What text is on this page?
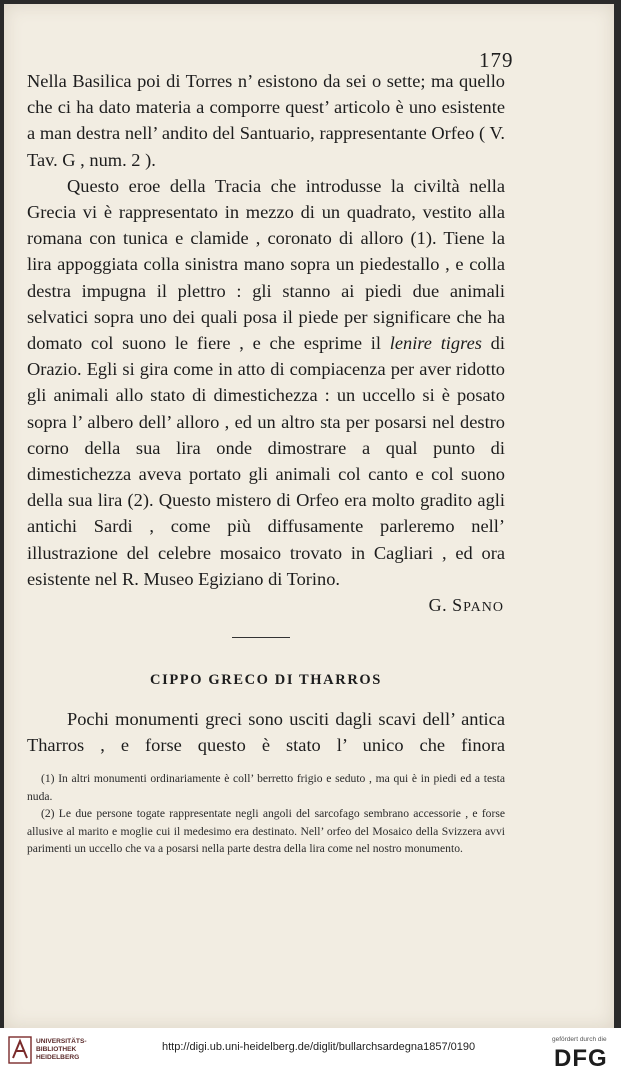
179

Nella Basilica poi di Torres n’ esistono da sei o sette; ma quello che ci ha dato materia a comporre quest’ articolo è uno esistente a man destra nell’ andito del Santuario, rappresentante Orfeo ( V. Tav. G , num. 2 ).

Questo eroe della Tracia che introdusse la civiltà nella Grecia vi è rappresentato in mezzo di un quadrato, vestito alla romana con tunica e clamide , coronato di alloro (1). Tiene la lira appoggiata colla sinistra mano sopra un piedestallo , e colla destra impugna il plettro : gli stanno ai piedi due animali selvatici sopra uno dei quali posa il piede per significare che ha domato col suono le fiere , e che esprime il lenire tigres di Orazio. Egli si gira come in atto di compiacenza per aver ridotto gli animali allo stato di dimestichezza : un uccello si è posato sopra l’ albero dell’ alloro , ed un altro sta per posarsi nel destro corno della sua lira onde dimostrare a qual punto di dimestichezza aveva portato gli animali col canto e col suono della sua lira (2). Questo mistero di Orfeo era molto gradito agli antichi Sardi , come più diffusamente parleremo nell’ illustrazione del celebre mosaico trovato in Cagliari , ed ora esistente nel R. Museo Egiziano di Torino.

G. SPANO

CIPPO GRECO DI THARROS

Pochi monumenti greci sono usciti dagli scavi dell’ antica Tharros , e forse questo è stato l’ unico che finora

(1) In altri monumenti ordinariamente è coll’ berretto frigio e seduto , ma qui è in piedi ed a testa nuda.

(2) Le due persone togate rappresentate negli angoli del sarcofago sembrano accessorie , e forse allusive al marito e moglie cui il medesimo era destinato. Nell’ orfeo del Mosaico della Svizzera avvi parimenti un uccello che va a posarsi nella parte destra della lira come nel nostro monumento.

UNIVERSITÄTS-
BIBLIOTHEK
HEIDELBERG
http://digi.ub.uni-heidelberg.de/diglit/bullarchsardegna1857/0190
gefördert durch die
DFG
